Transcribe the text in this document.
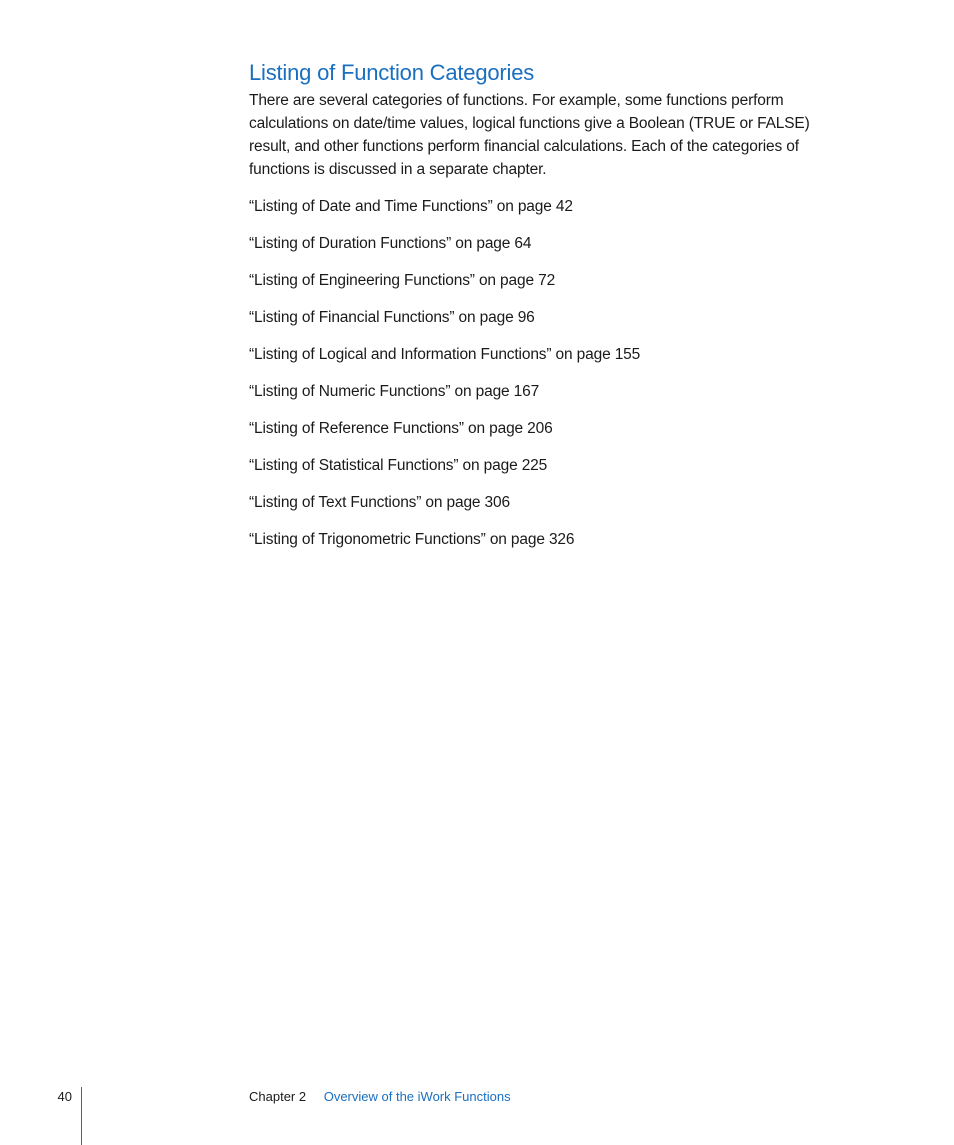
Listing of Function Categories

There are several categories of functions. For example, some functions perform calculations on date/time values, logical functions give a Boolean (TRUE or FALSE) result, and other functions perform financial calculations. Each of the categories of functions is discussed in a separate chapter.

“Listing of Date and Time Functions” on page 42
“Listing of Duration Functions” on page 64
“Listing of Engineering Functions” on page 72
“Listing of Financial Functions” on page 96
“Listing of Logical and Information Functions” on page 155
“Listing of Numeric Functions” on page 167
“Listing of Reference Functions” on page 206
“Listing of Statistical Functions” on page 225
“Listing of Text Functions” on page 306
“Listing of Trigonometric Functions” on page 326
40	Chapter 2 Overview of the iWork Functions
